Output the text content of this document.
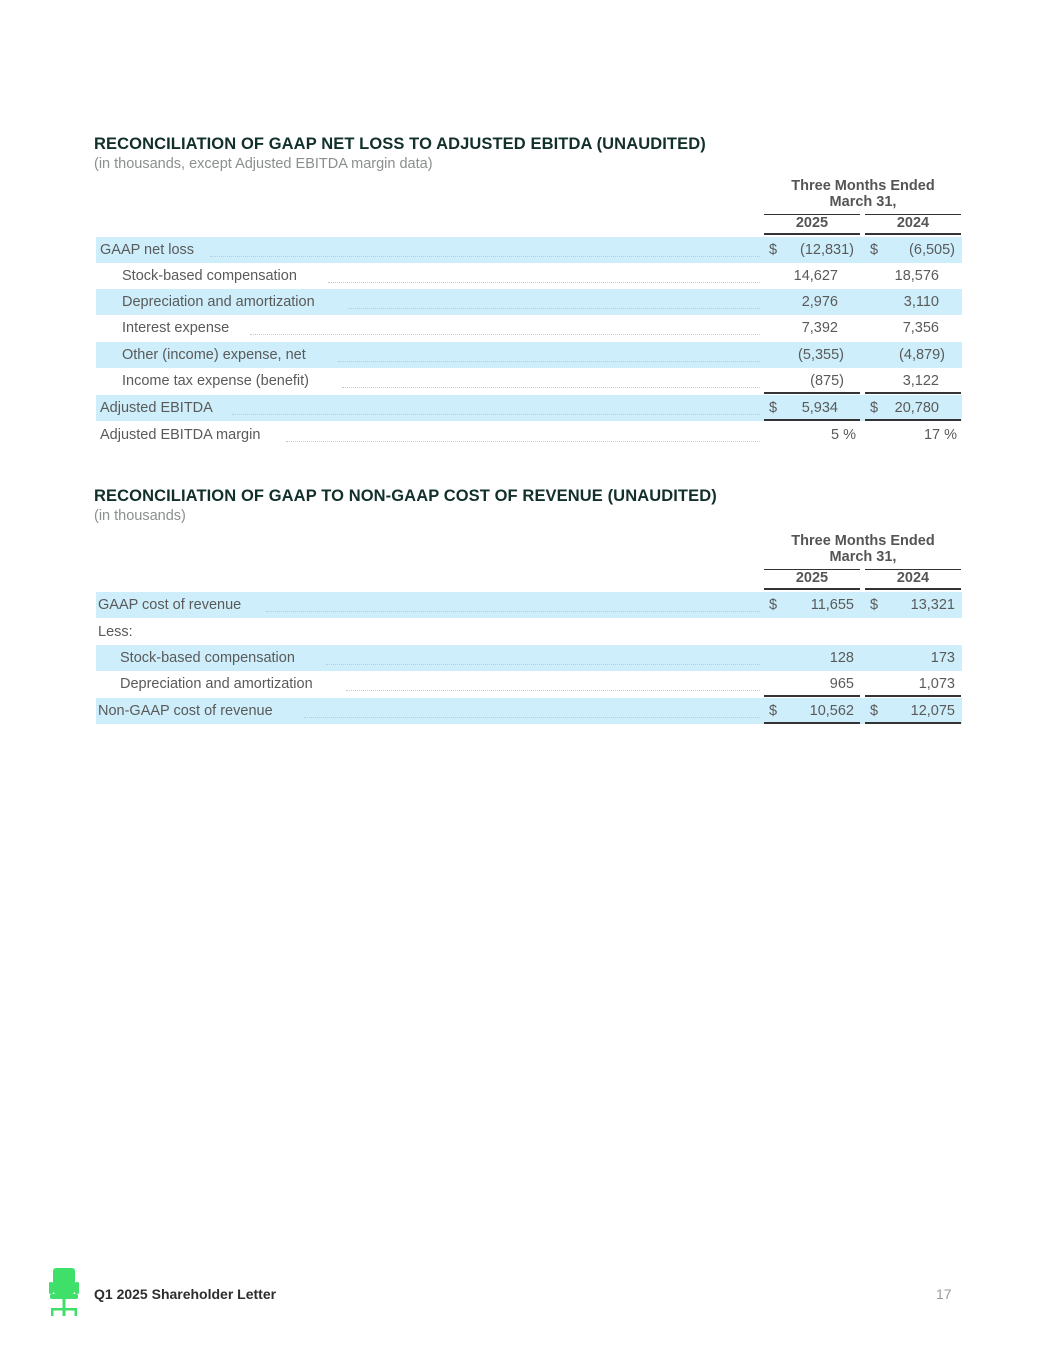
RECONCILIATION OF GAAP NET LOSS TO ADJUSTED EBITDA (UNAUDITED)
(in thousands, except Adjusted EBITDA margin data)
Three Months Ended
March 31,
2025	2024
GAAP net loss	$ (12,831) $ (6,505)
Stock-based compensation	14,627	18,576
Depreciation and amortization	2,976	3,110
Interest expense	7,392	7,356
Other (income) expense, net	(5,355)	(4,879)
Income tax expense (benefit)	(875)	3,122
Adjusted EBITDA	$ 5,934 $ 20,780
Adjusted EBITDA margin	5 %	17 %
RECONCILIATION OF GAAP TO NON-GAAP COST OF REVENUE (UNAUDITED)
(in thousands)
Three Months Ended
March 31,
2025	2024
GAAP cost of revenue	$ 11,655 $ 13,321
Less:
Stock-based compensation	128	173
Depreciation and amortization	965	1,073
Non-GAAP cost of revenue	$ 10,562 $ 12,075
Q1 2025 Shareholder Letter	17
